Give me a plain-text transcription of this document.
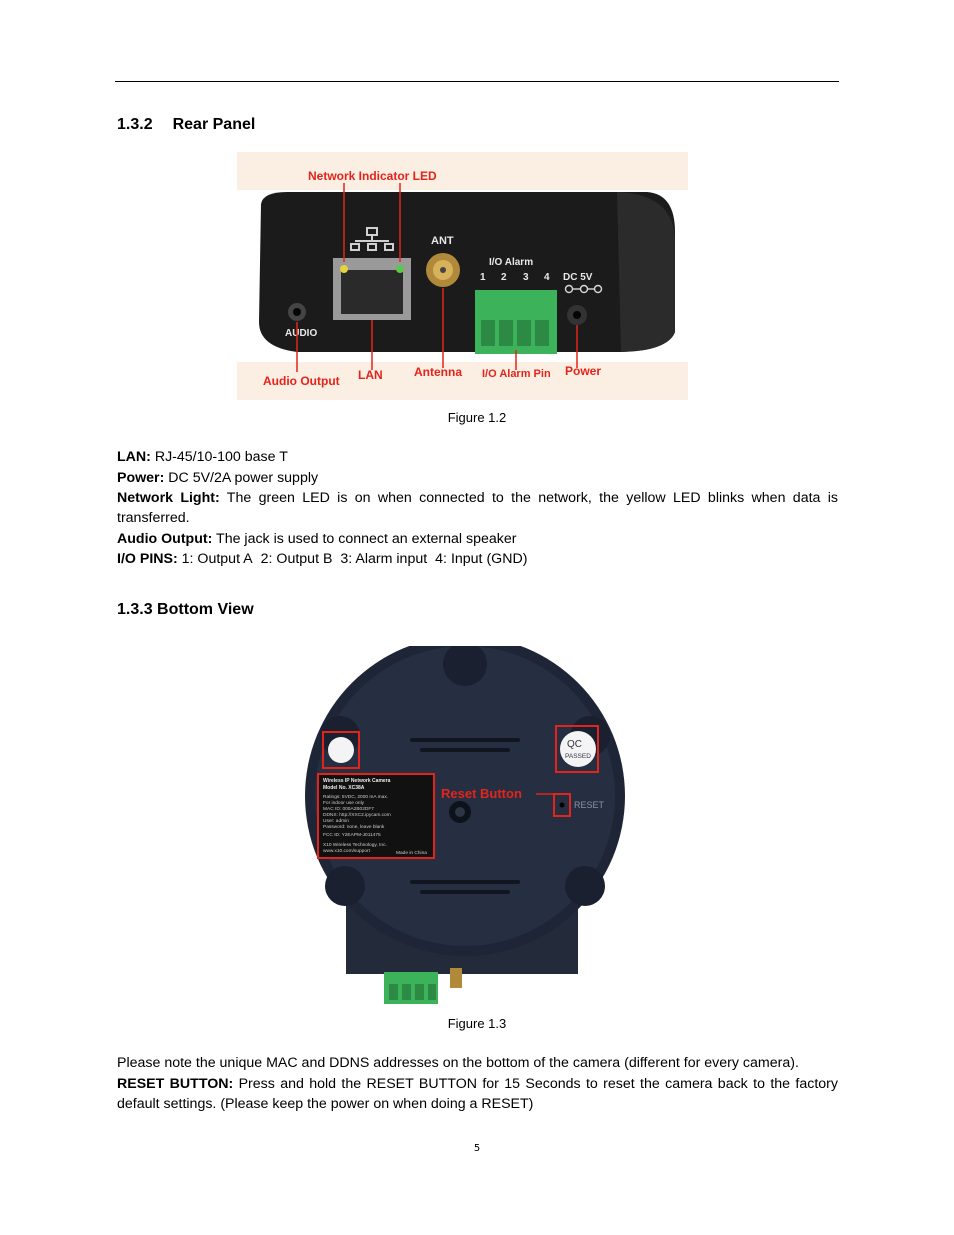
1.3.2 Rear Panel
AUDIO
ANT
I/O Alarm
1 2 3 4 DC 5V
Network Indicator LED
Audio Output LAN	Antenna I/O Alarm Pin Power
Figure 1.2

LAN: RJ-45/10-100 base T

Power: DC 5V/2A power supply

Network Light: The green LED is on when connected to the network, the yellow LED blinks when data is transferred.

Audio Output: The jack is used to connect an external speaker

I/O PINS: 1: Output A 2: Output B 3: Alarm input 4: Input (GND)

1.3.3 Bottom View
QC
PASSED
Wireless IP Network Camera
Model No. XC38A
Ratings: 5VDC, 2000 mA max.
For indoor use only
MAC ID: 000A2B02DF7
DDNS: http://XXC2.ipycam.com
User: admin
Password: none, leave blank
FCC ID: Y2EAPM-J011475
X10 Wireless Technology, Inc.
www.x10.com/support	Made in China
Reset Button
RESET
Figure 1.3

Please note the unique MAC and DDNS addresses on the bottom of the camera (different for every camera).

RESET BUTTON: Press and hold the RESET BUTTON for 15 Seconds to reset the camera back to the factory default settings. (Please keep the power on when doing a RESET)

5
